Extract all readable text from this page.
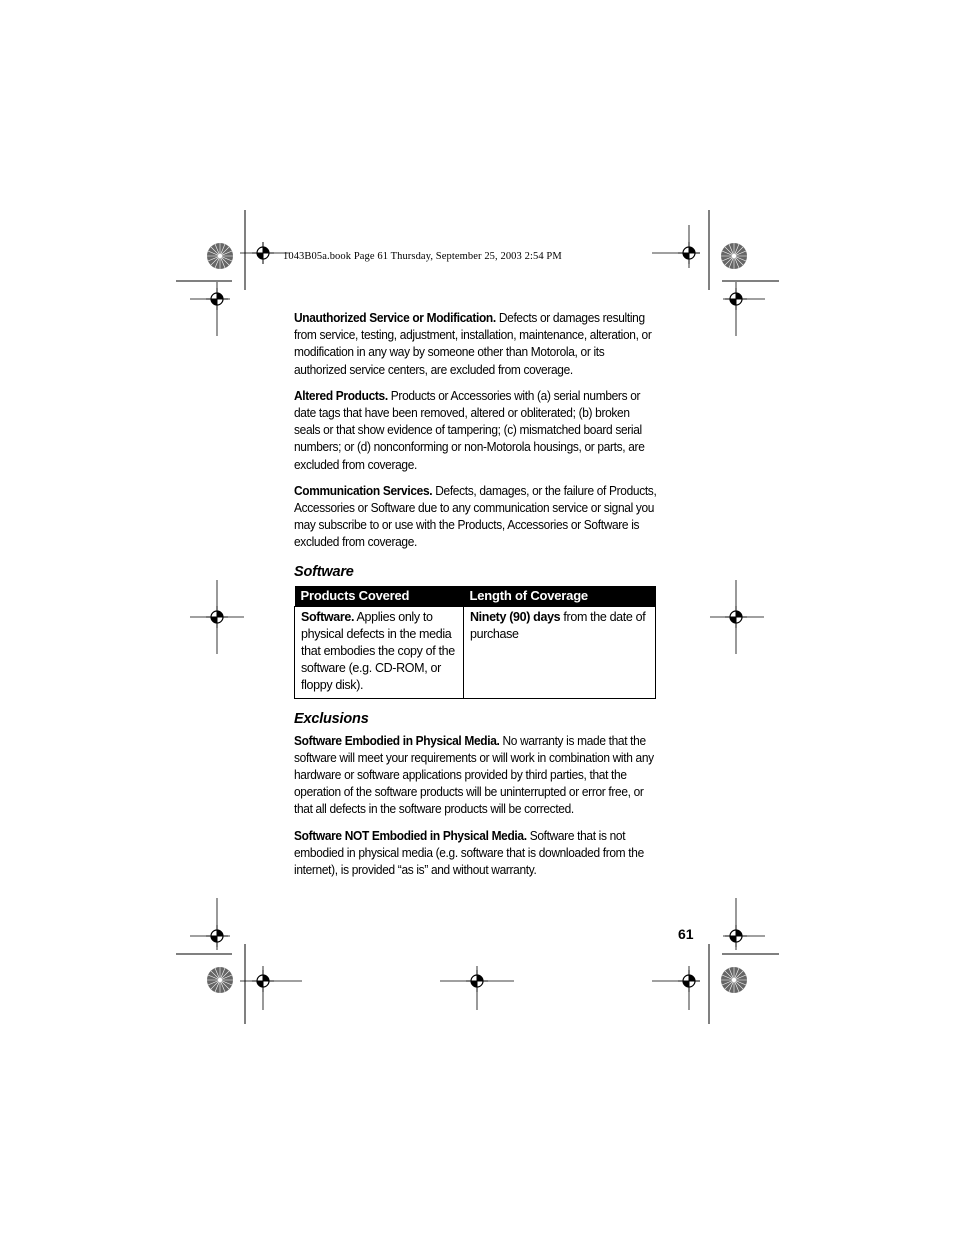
1043B05a.book Page 61 Thursday, September 25, 2003 2:54 PM

Unauthorized Service or Modification. Defects or damages resulting from service, testing, adjustment, installation, maintenance, alteration, or modification in any way by someone other than Motorola, or its authorized service centers, are excluded from coverage.

Altered Products. Products or Accessories with (a) serial numbers or date tags that have been removed, altered or obliterated; (b) broken seals or that show evidence of tampering; (c) mismatched board serial numbers; or (d) nonconforming or non-Motorola housings, or parts, are excluded from coverage.

Communication Services. Defects, damages, or the failure of Products, Accessories or Software due to any communication service or signal you may subscribe to or use with the Products, Accessories or Software is excluded from coverage.

Software
Products Covered	Length of Coverage
Software. Applies only to physical defects in the media that embodies the copy of the software (e.g. CD-ROM, or floppy disk).	Ninety (90) days from the date of purchase
Exclusions

Software Embodied in Physical Media. No warranty is made that the software will meet your requirements or will work in combination with any hardware or software applications provided by third parties, that the operation of the software products will be uninterrupted or error free, or that all defects in the software products will be corrected.

Software NOT Embodied in Physical Media. Software that is not embodied in physical media (e.g. software that is downloaded from the internet), is provided “as is” and without warranty.

61
